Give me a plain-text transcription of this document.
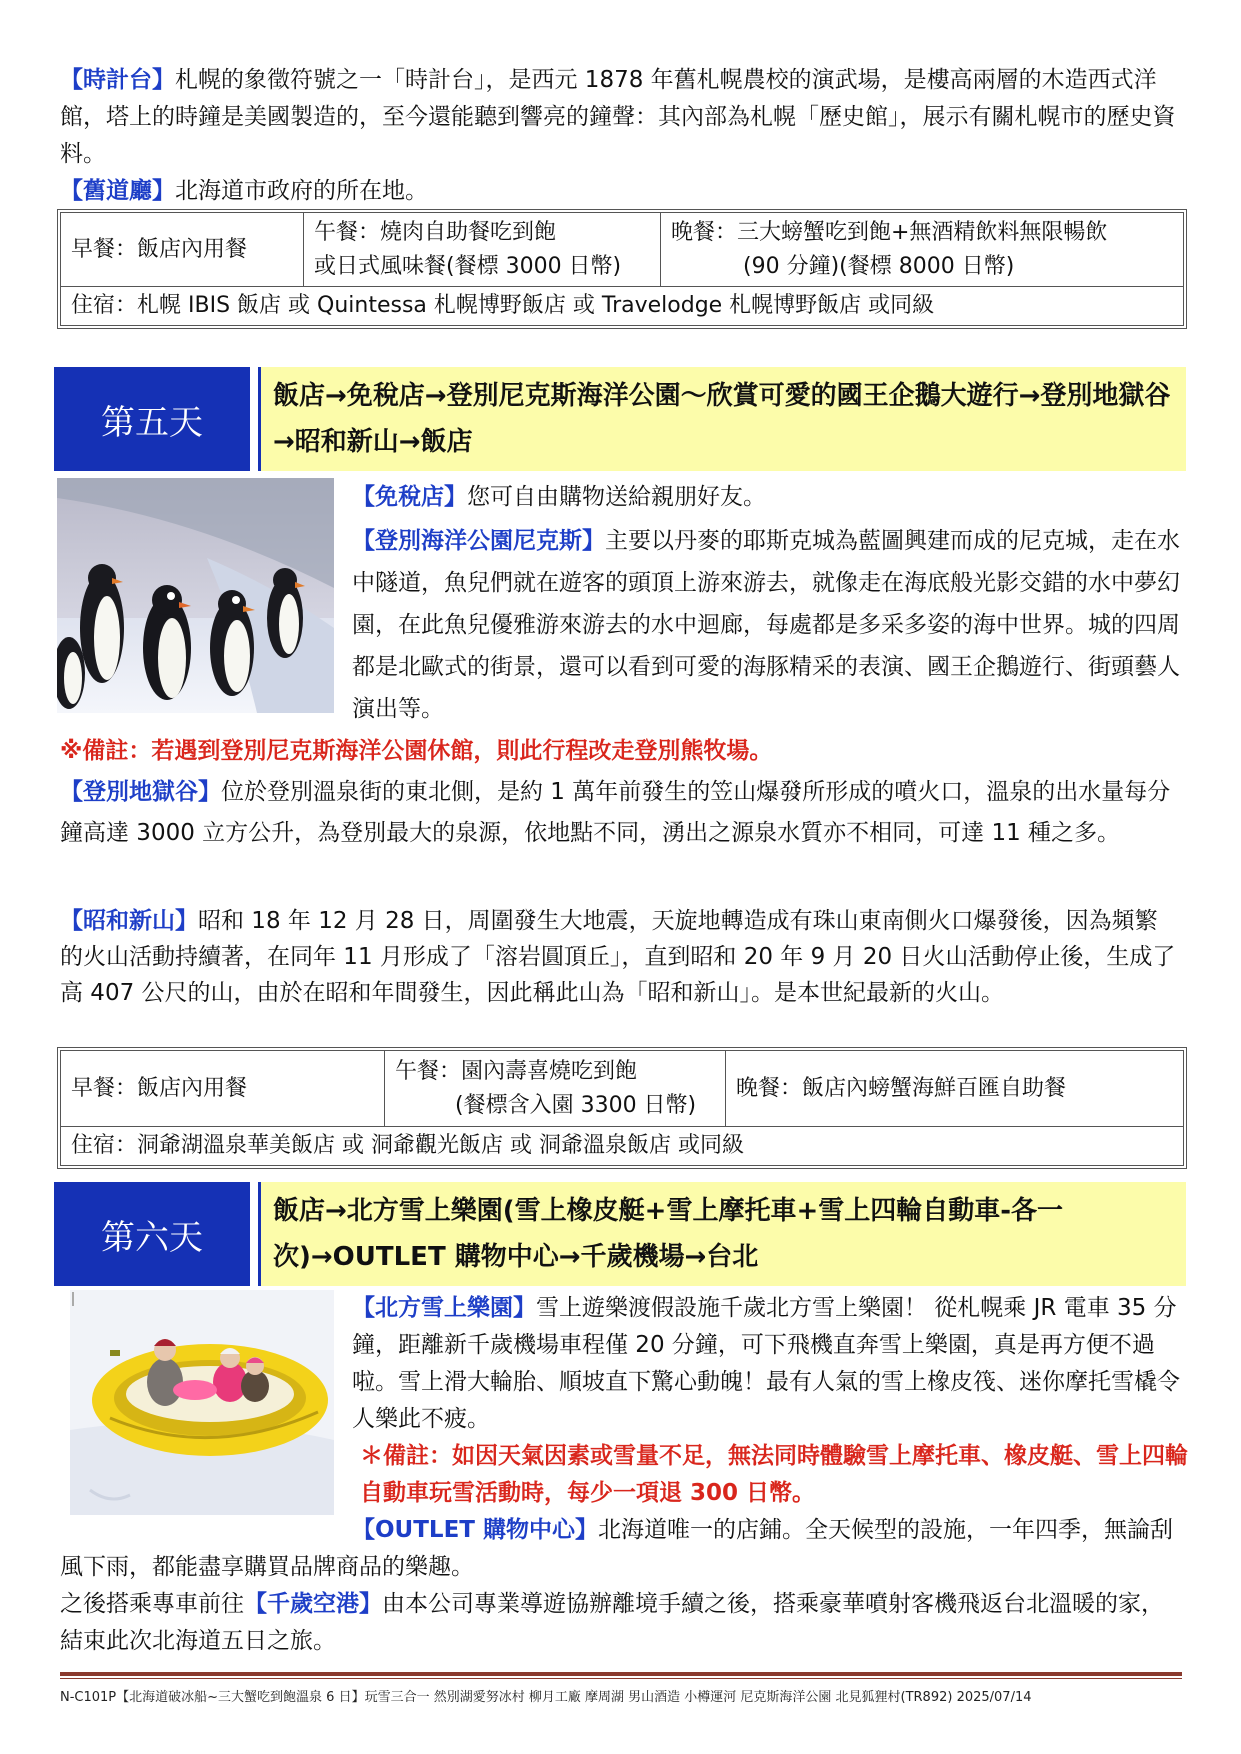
【時計台】札幌的象徵符號之一「時計台」，是西元 1878 年舊札幌農校的演武場，是樓高兩層的木造西式洋館，塔上的時鐘是美國製造的，至今還能聽到響亮的鐘聲：其內部為札幌「歷史館」，展示有關札幌市的歷史資料。

【舊道廳】北海道市政府的所在地。

早餐：飯店內用餐	
午餐：燒肉自助餐吃到飽
或日式風味餐(餐標 3000 日幣)

晚餐：三大螃蟹吃到飽+無酒精飲料無限暢飲
(90 分鐘)(餐標 8000 日幣)

住宿：札幌 IBIS 飯店 或 Quintessa 札幌博野飯店 或 Travelodge 札幌博野飯店 或同級
第五天
飯店→免稅店→登別尼克斯海洋公園～欣賞可愛的國王企鵝大遊行→登別地獄谷→昭和新山→飯店

【免稅店】您可自由購物送給親朋好友。

【登別海洋公園尼克斯】主要以丹麥的耶斯克城為藍圖興建而成的尼克城，走在水中隧道，魚兒們就在遊客的頭頂上游來游去，就像走在海底般光影交錯的水中夢幻園，在此魚兒優雅游來游去的水中迴廊，每處都是多采多姿的海中世界。城的四周都是北歐式的街景，還可以看到可愛的海豚精采的表演、國王企鵝遊行、街頭藝人演出等。

※備註：若遇到登別尼克斯海洋公園休館，則此行程改走登別熊牧場。

【登別地獄谷】位於登別溫泉街的東北側，是約 1 萬年前發生的笠山爆發所形成的噴火口，溫泉的出水量每分鐘高達 3000 立方公升，為登別最大的泉源，依地點不同，湧出之源泉水質亦不相同，可達 11 種之多。

【昭和新山】昭和 18 年 12 月 28 日，周圍發生大地震，天旋地轉造成有珠山東南側火口爆發後，因為頻繁的火山活動持續著，在同年 11 月形成了「溶岩圓頂丘」，直到昭和 20 年 9 月 20 日火山活動停止後，生成了高 407 公尺的山，由於在昭和年間發生，因此稱此山為「昭和新山」。是本世紀最新的火山。

早餐：飯店內用餐	
午餐：園內壽喜燒吃到飽
(餐標含入園 3300 日幣)
	晚餐：飯店內螃蟹海鮮百匯自助餐
住宿：洞爺湖溫泉華美飯店 或 洞爺觀光飯店 或 洞爺溫泉飯店 或同級
第六天
飯店→北方雪上樂園(雪上橡皮艇+雪上摩托車+雪上四輪自動車-各一次)→OUTLET 購物中心→千歲機場→台北

【北方雪上樂園】雪上遊樂渡假設施千歲北方雪上樂園！ 從札幌乘 JR 電車 35 分鐘，距離新千歲機場車程僅 20 分鐘，可下飛機直奔雪上樂園，真是再方便不過啦。雪上滑大輪胎、順坡直下驚心動魄！最有人氣的雪上橡皮筏、迷你摩托雪橇令人樂此不疲。

＊備註：如因天氣因素或雪量不足，無法同時體驗雪上摩托車、橡皮艇、雪上四輪自動車玩雪活動時，每少一項退 300 日幣。

【OUTLET 購物中心】北海道唯一的店鋪。全天候型的設施，一年四季，無論刮風下雨，都能盡享購買品牌商品的樂趣。

之後搭乘專車前往【千歲空港】由本公司專業導遊協辦離境手續之後，搭乘豪華噴射客機飛返台北溫暖的家，結束此次北海道五日之旅。

N-C101P【北海道破冰船~三大蟹吃到飽溫泉 6 日】玩雪三合一 然別湖愛努冰村 柳月工廠 摩周湖 男山酒造 小樽運河 尼克斯海洋公園 北見狐狸村(TR892) 2025/07/14
